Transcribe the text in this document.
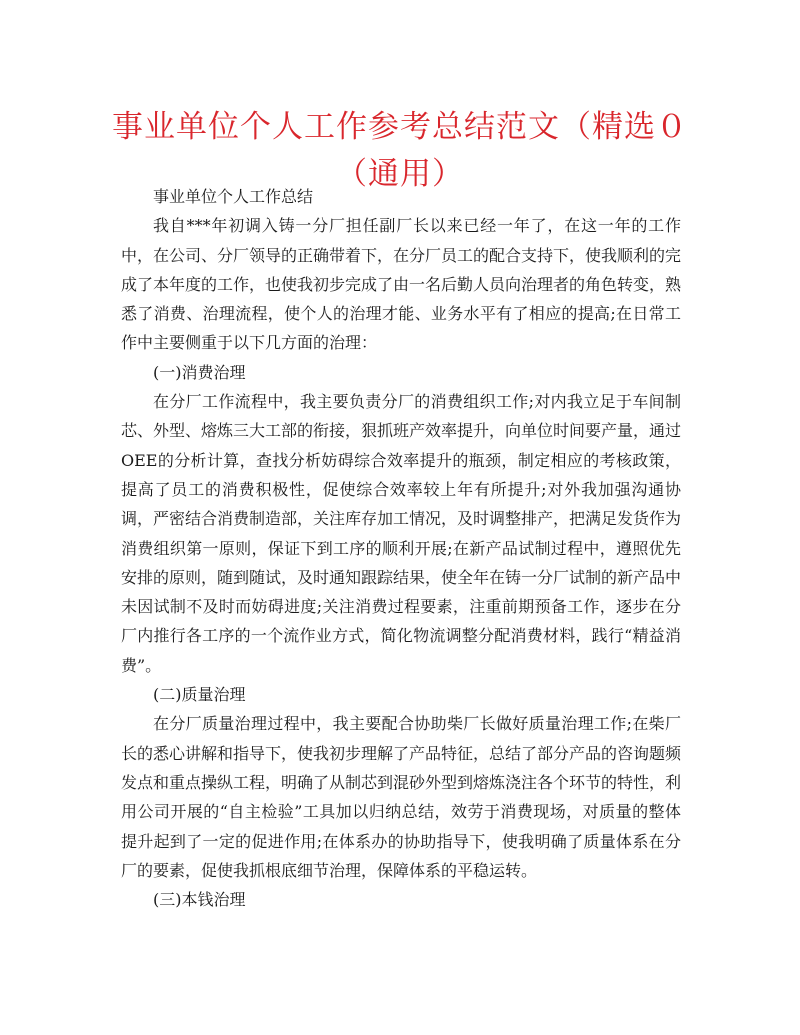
事业单位个人工作参考总结范文（精选０（通用）

事业单位个人工作总结

我自***年初调入铸一分厂担任副厂长以来已经一年了，在这一年的工作中，在公司、分厂领导的正确带着下，在分厂员工的配合支持下，使我顺利的完成了本年度的工作，也使我初步完成了由一名后勤人员向治理者的角色转变，熟悉了消费、治理流程，使个人的治理才能、业务水平有了相应的提高;在日常工作中主要侧重于以下几方面的治理：

(一)消费治理

在分厂工作流程中，我主要负责分厂的消费组织工作;对内我立足于车间制芯、外型、熔炼三大工部的衔接，狠抓班产效率提升，向单位时间要产量，通过OEE的分析计算，查找分析妨碍综合效率提升的瓶颈，制定相应的考核政策，提高了员工的消费积极性，促使综合效率较上年有所提升;对外我加强沟通协调，严密结合消费制造部，关注库存加工情况，及时调整排产，把满足发货作为消费组织第一原则，保证下到工序的顺利开展;在新产品试制过程中，遵照优先安排的原则，随到随试，及时通知跟踪结果，使全年在铸一分厂试制的新产品中未因试制不及时而妨碍进度;关注消费过程要素，注重前期预备工作，逐步在分厂内推行各工序的一个流作业方式，简化物流调整分配消费材料，践行“精益消费”。

(二)质量治理

在分厂质量治理过程中，我主要配合协助柴厂长做好质量治理工作;在柴厂长的悉心讲解和指导下，使我初步理解了产品特征，总结了部分产品的咨询题频发点和重点操纵工程，明确了从制芯到混砂外型到熔炼浇注各个环节的特性，利用公司开展的“自主检验”工具加以归纳总结，效劳于消费现场，对质量的整体提升起到了一定的促进作用;在体系办的协助指导下，使我明确了质量体系在分厂的要素，促使我抓根底细节治理，保障体系的平稳运转。

(三)本钱治理
